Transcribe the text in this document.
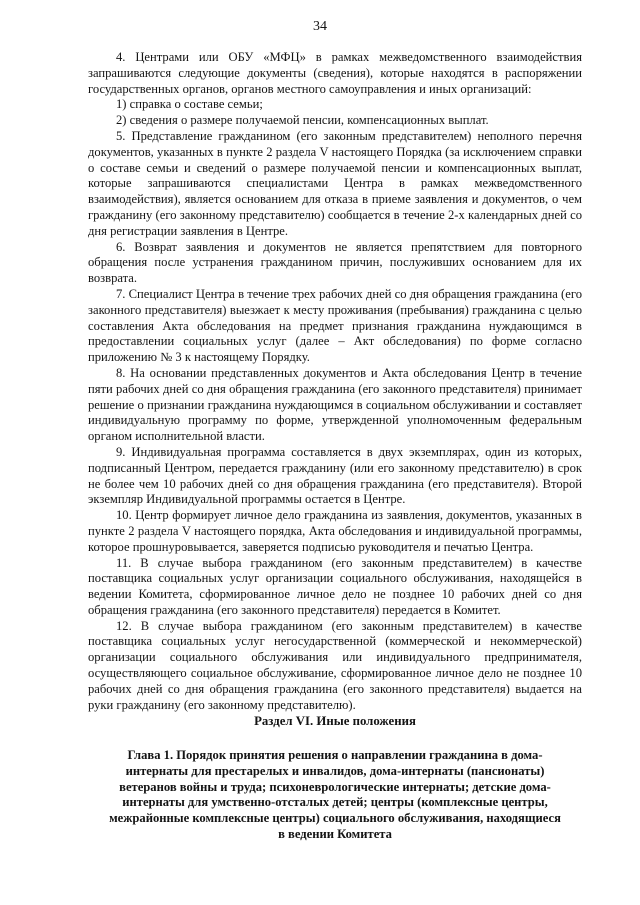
34

4. Центрами или ОБУ «МФЦ» в рамках межведомственного взаимодействия запрашиваются следующие документы (сведения), которые находятся в распоряжении государственных органов, органов местного самоуправления и иных организаций:

1) справка о составе семьи;

2) сведения о размере получаемой пенсии, компенсационных выплат.

5. Представление гражданином (его законным представителем) неполного перечня документов, указанных в пункте 2 раздела V настоящего Порядка (за исключением справки о составе семьи и сведений о размере получаемой пенсии и компенсационных выплат, которые запрашиваются специалистами Центра в рамках межведомственного взаимодействия), является основанием для отказа в приеме заявления и документов, о чем гражданину (его законному представителю) сообщается в течение 2-х календарных дней со дня регистрации заявления в Центре.

6. Возврат заявления и документов не является препятствием для повторного обращения после устранения гражданином причин, послуживших основанием для их возврата.

7. Специалист Центра в течение трех рабочих дней со дня обращения гражданина (его законного представителя) выезжает к месту проживания (пребывания) гражданина с целью составления Акта обследования на предмет признания гражданина нуждающимся в предоставлении социальных услуг (далее – Акт обследования) по форме согласно приложению № 3 к настоящему Порядку.

8. На основании представленных документов и Акта обследования Центр в течение пяти рабочих дней со дня обращения гражданина (его законного представителя) принимает решение о признании гражданина нуждающимся в социальном обслуживании и составляет индивидуальную программу по форме, утвержденной уполномоченным федеральным органом исполнительной власти.

9. Индивидуальная программа составляется в двух экземплярах, один из которых, подписанный Центром, передается гражданину (или его законному представителю) в срок не более чем 10 рабочих дней со дня обращения гражданина (его представителя). Второй экземпляр Индивидуальной программы остается в Центре.

10. Центр формирует личное дело гражданина из заявления, документов, указанных в пункте 2 раздела V настоящего порядка, Акта обследования и индивидуальной программы, которое прошнуровывается, заверяется подписью руководителя и печатью Центра.

11. В случае выбора гражданином (его законным представителем) в качестве поставщика социальных услуг организации социального обслуживания, находящейся в ведении Комитета, сформированное личное дело не позднее 10 рабочих дней со дня обращения гражданина (его законного представителя) передается в Комитет.

12. В случае выбора гражданином (его законным представителем) в качестве поставщика социальных услуг негосударственной (коммерческой и некоммерческой) организации социального обслуживания или индивидуального предпринимателя, осуществляющего социальное обслуживание, сформированное личное дело не позднее 10 рабочих дней со дня обращения гражданина (его законного представителя) выдается на руки гражданину (его законному представителю).

Раздел VI. Иные положения
Глава 1. Порядок принятия решения о направлении гражданина в дома-интернаты для престарелых и инвалидов, дома-интернаты (пансионаты) ветеранов войны и труда; психоневрологические интернаты; детские дома-интернаты для умственно-отсталых детей; центры (комплексные центры, межрайонные комплексные центры) социального обслуживания, находящиеся в ведении Комитета
